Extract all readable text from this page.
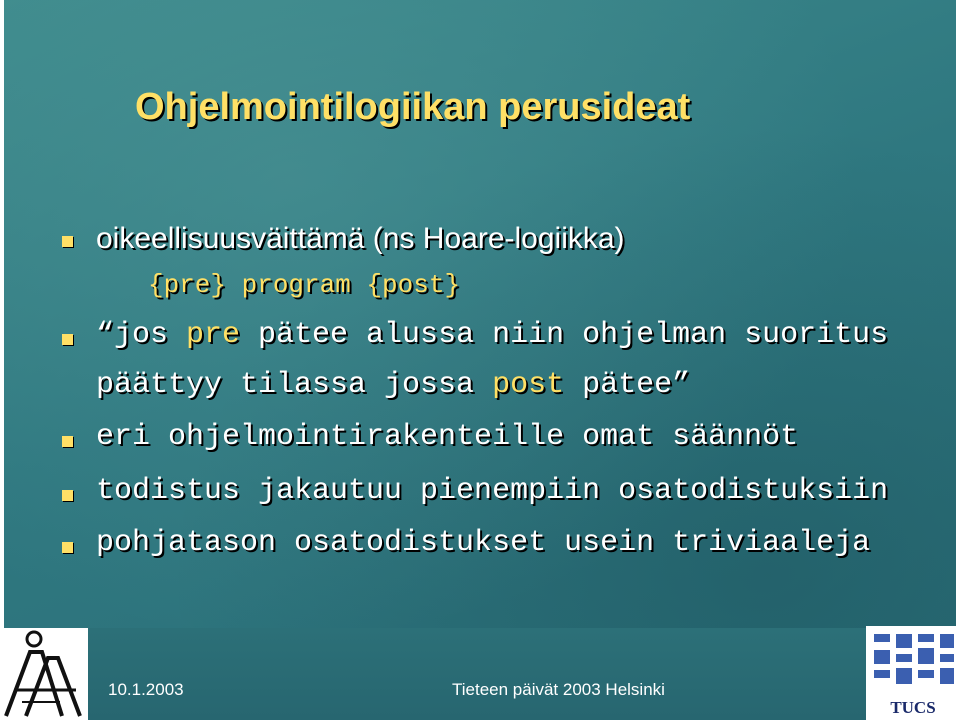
Ohjelmointilogiikan perusideat

oikeellisuusväittämä (ns Hoare-logiikka)

{pre} program {post}

“jos pre pätee alussa niin ohjelman suoritus

päättyy tilassa jossa post pätee”

eri ohjelmointirakenteille omat säännöt

todistus jakautuu pienempiin osatodistuksiin

pohjatason osatodistukset usein triviaaleja

TUCS
10.1.2003	Tieteen päivät 2003 Helsinki
